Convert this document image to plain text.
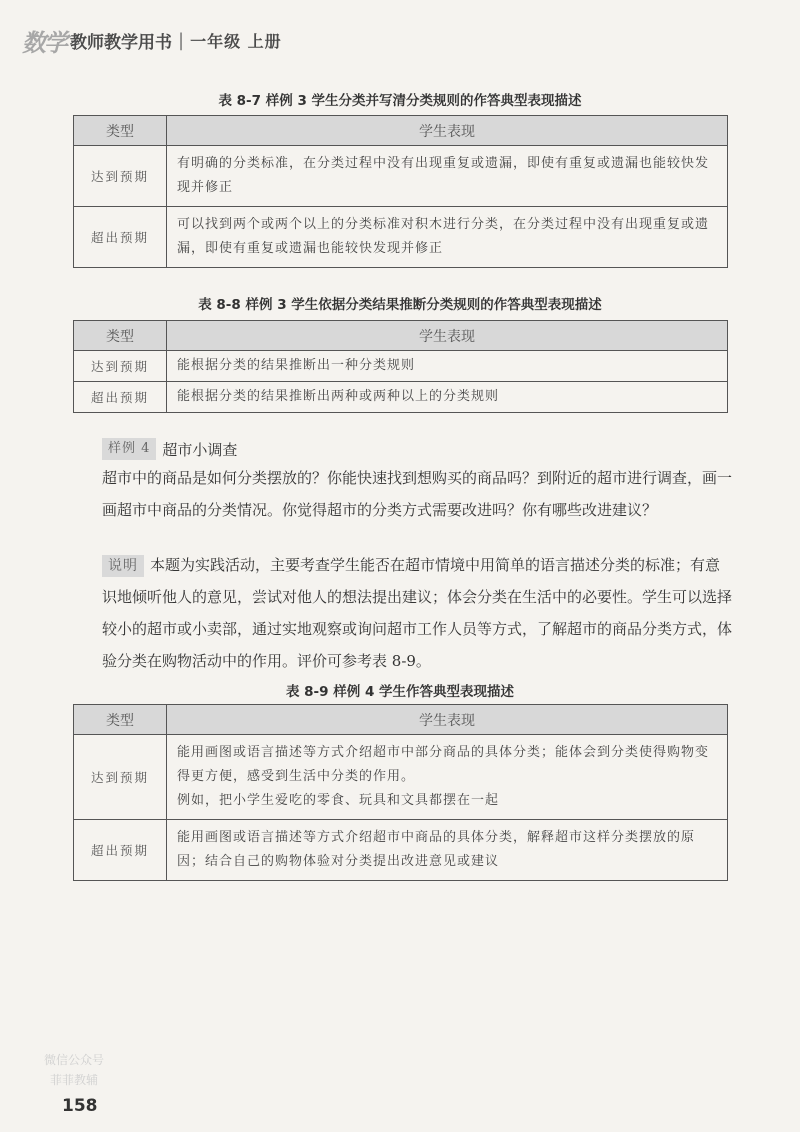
数学 教师教学用书 | 一年级 上册
表 8-7 样例 3 学生分类并写清分类规则的作答典型表现描述
类型	学生表现
达到预期	有明确的分类标准，在分类过程中没有出现重复或遗漏，即使有重复或遗漏也能较快发现并修正
超出预期	可以找到两个或两个以上的分类标准对积木进行分类，在分类过程中没有出现重复或遗漏，即使有重复或遗漏也能较快发现并修正
表 8-8 样例 3 学生依据分类结果推断分类规则的作答典型表现描述
类型	学生表现
达到预期	能根据分类的结果推断出一种分类规则
超出预期	能根据分类的结果推断出两种或两种以上的分类规则
样例 4 超市小调查
超市中的商品是如何分类摆放的？你能快速找到想购买的商品吗？到附近的超市进行调查，画一画超市中商品的分类情况。你觉得超市的分类方式需要改进吗？你有哪些改进建议？
说明 本题为实践活动，主要考查学生能否在超市情境中用简单的语言描述分类的标准；有意识地倾听他人的意见，尝试对他人的想法提出建议；体会分类在生活中的必要性。学生可以选择较小的超市或小卖部，通过实地观察或询问超市工作人员等方式，了解超市的商品分类方式，体验分类在购物活动中的作用。评价可参考表 8-9。
表 8-9 样例 4 学生作答典型表现描述
类型	学生表现
达到预期	能用画图或语言描述等方式介绍超市中部分商品的具体分类；能体会到分类使得购物变得更方便，感受到生活中分类的作用。
例如，把小学生爱吃的零食、玩具和文具都摆在一起
超出预期	能用画图或语言描述等方式介绍超市中商品的具体分类，解释超市这样分类摆放的原因；结合自己的购物体验对分类提出改进意见或建议
微信公众号
菲菲教辅
158
